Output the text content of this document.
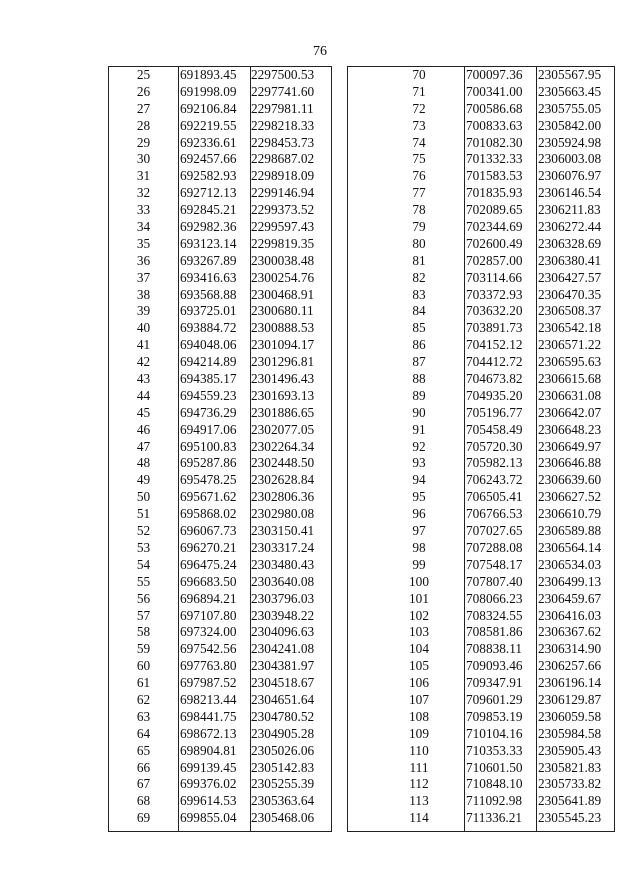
76
25	691893.45 2297500.53
26	691998.09 2297741.60
27	692106.84 2297981.11
28	692219.55 2298218.33
29	692336.61 2298453.73
30	692457.66 2298687.02
31	692582.93 2298918.09
32	692712.13 2299146.94
33	692845.21 2299373.52
34	692982.36 2299597.43
35	693123.14 2299819.35
36	693267.89 2300038.48
37	693416.63 2300254.76
38	693568.88 2300468.91
39	693725.01 2300680.11
40	693884.72 2300888.53
41	694048.06 2301094.17
42	694214.89 2301296.81
43	694385.17 2301496.43
44	694559.23 2301693.13
45	694736.29 2301886.65
46	694917.06 2302077.05
47	695100.83 2302264.34
48	695287.86 2302448.50
49	695478.25 2302628.84
50	695671.62 2302806.36
51	695868.02 2302980.08
52	696067.73 2303150.41
53	696270.21 2303317.24
54	696475.24 2303480.43
55	696683.50 2303640.08
56	696894.21 2303796.03
57	697107.80 2303948.22
58	697324.00 2304096.63
59	697542.56 2304241.08
60	697763.80 2304381.97
61	697987.52 2304518.67
62	698213.44 2304651.64
63	698441.75 2304780.52
64	698672.13 2304905.28
65	698904.81 2305026.06
66	699139.45 2305142.83
67	699376.02 2305255.39
68	699614.53 2305363.64
69	699855.04 2305468.06
70	700097.36 2305567.95
71	700341.00 2305663.45
72	700586.68 2305755.05
73	700833.63 2305842.00
74	701082.30 2305924.98
75	701332.33 2306003.08
76	701583.53 2306076.97
77	701835.93 2306146.54
78	702089.65 2306211.83
79	702344.69 2306272.44
80	702600.49 2306328.69
81	702857.00 2306380.41
82	703114.66 2306427.57
83	703372.93 2306470.35
84	703632.20 2306508.37
85	703891.73 2306542.18
86	704152.12 2306571.22
87	704412.72 2306595.63
88	704673.82 2306615.68
89	704935.20 2306631.08
90	705196.77 2306642.07
91	705458.49 2306648.23
92	705720.30 2306649.97
93	705982.13 2306646.88
94	706243.72 2306639.60
95	706505.41 2306627.52
96	706766.53 2306610.79
97	707027.65 2306589.88
98	707288.08 2306564.14
99	707548.17 2306534.03
100	707807.40 2306499.13
101	708066.23 2306459.67
102	708324.55 2306416.03
103	708581.86 2306367.62
104	708838.11 2306314.90
105	709093.46 2306257.66
106	709347.91 2306196.14
107	709601.29 2306129.87
108	709853.19 2306059.58
109	710104.16 2305984.58
110	710353.33 2305905.43
111	710601.50 2305821.83
112	710848.10 2305733.82
113	711092.98 2305641.89
114	711336.21 2305545.23
